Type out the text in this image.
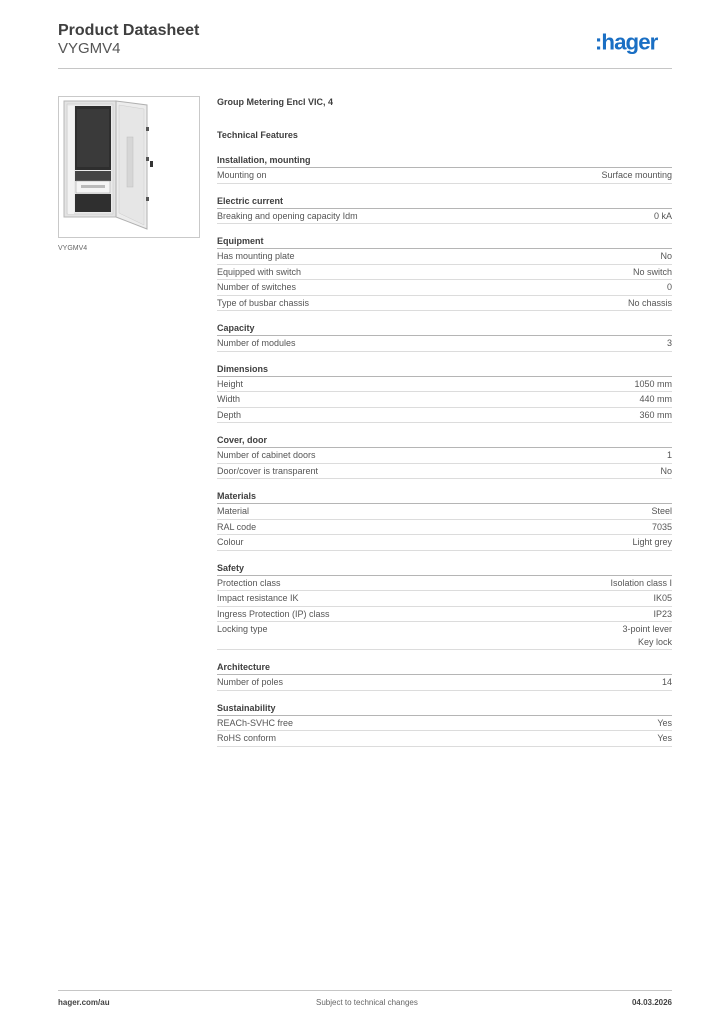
Product Datasheet
VYGMV4	:hager
VYGMV4
Group Metering Encl VIC, 4
Technical Features
Installation, mounting
Mounting on	Surface mounting
Electric current
Breaking and opening capacity Idm	0 kA
Equipment
Has mounting plate	No
Equipped with switch	No switch
Number of switches	0
Type of busbar chassis	No chassis
Capacity
Number of modules	3
Dimensions
Height	1050 mm
Width	440 mm
Depth	360 mm
Cover, door
Number of cabinet doors	1
Door/cover is transparent	No
Materials
Material	Steel
RAL code	7035
Colour	Light grey
Safety
Protection class	Isolation class I
Impact resistance IK	IK05
Ingress Protection (IP) class	IP23
Locking type	3-point lever
Key lock
Architecture
Number of poles	14
Sustainability
REACh-SVHC free	Yes
RoHS conform	Yes
hager.com/au	Subject to technical changes	04.03.2026
